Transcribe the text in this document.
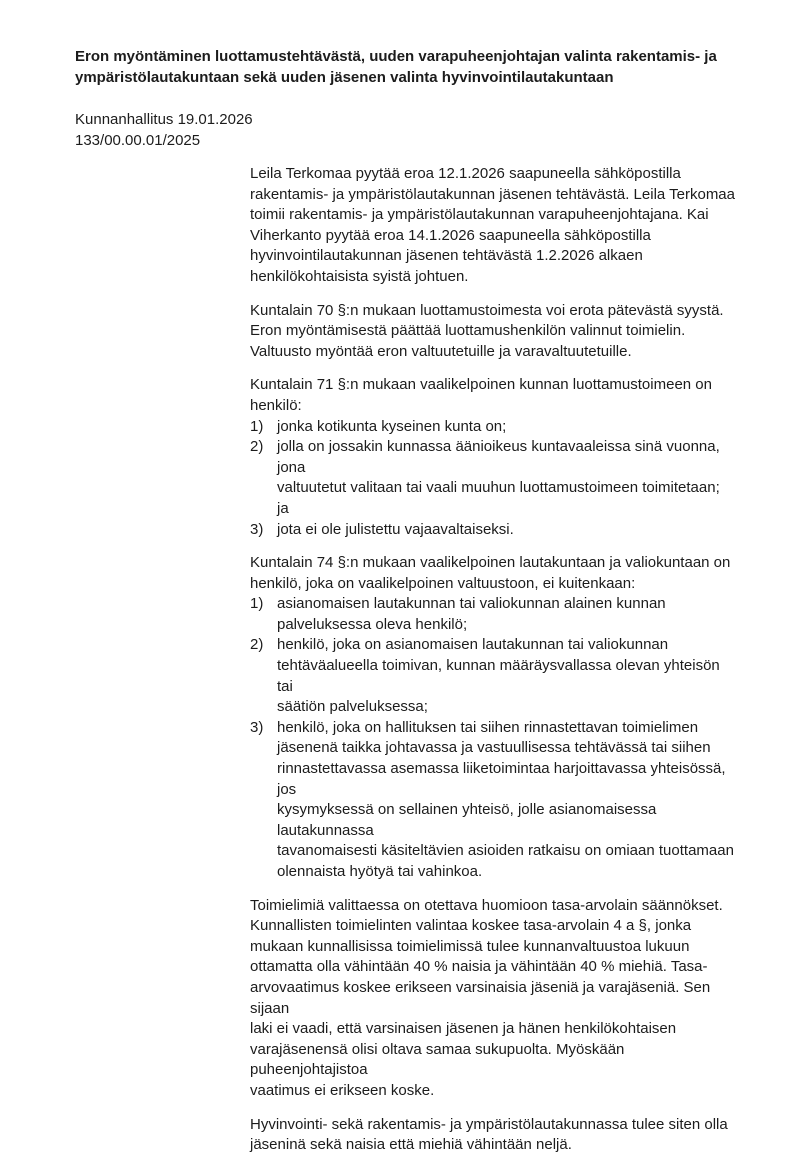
Eron myöntäminen luottamustehtävästä, uuden varapuheenjohtajan valinta rakentamis- ja
ympäristölautakuntaan sekä uuden jäsenen valinta hyvinvointilautakuntaan
Kunnanhallitus 19.01.2026
133/00.00.01/2025
Leila Terkomaa pyytää eroa 12.1.2026 saapuneella sähköpostilla
rakentamis- ja ympäristölautakunnan jäsenen tehtävästä. Leila Terkomaa
toimii rakentamis- ja ympäristölautakunnan varapuheenjohtajana. Kai
Viherkanto pyytää eroa 14.1.2026 saapuneella sähköpostilla
hyvinvointilautakunnan jäsenen tehtävästä 1.2.2026 alkaen
henkilökohtaisista syistä johtuen.
Kuntalain 70 §:n mukaan luottamustoimesta voi erota pätevästä syystä.
Eron myöntämisestä päättää luottamushenkilön valinnut toimielin.
Valtuusto myöntää eron valtuutetuille ja varavaltuutetuille.
Kuntalain 71 §:n mukaan vaalikelpoinen kunnan luottamustoimeen on
henkilö:
1) jonka kotikunta kyseinen kunta on;
2) jolla on jossakin kunnassa äänioikeus kuntavaaleissa sinä vuonna, jona
valtuutetut valitaan tai vaali muuhun luottamustoimeen toimitetaan;
ja
3) jota ei ole julistettu vajaavaltaiseksi.
Kuntalain 74 §:n mukaan vaalikelpoinen lautakuntaan ja valiokuntaan on
henkilö, joka on vaalikelpoinen valtuustoon, ei kuitenkaan:
1) asianomaisen lautakunnan tai valiokunnan alainen kunnan
palveluksessa oleva henkilö;
2) henkilö, joka on asianomaisen lautakunnan tai valiokunnan
tehtäväalueella toimivan, kunnan määräysvallassa olevan yhteisön tai
säätiön palveluksessa;
3) henkilö, joka on hallituksen tai siihen rinnastettavan toimielimen
jäsenenä taikka johtavassa ja vastuullisessa tehtävässä tai siihen
rinnastettavassa asemassa liiketoimintaa harjoittavassa yhteisössä, jos
kysymyksessä on sellainen yhteisö, jolle asianomaisessa lautakunnassa
tavanomaisesti käsiteltävien asioiden ratkaisu on omiaan tuottamaan
olennaista hyötyä tai vahinkoa.
Toimielimiä valittaessa on otettava huomioon tasa-arvolain säännökset.
Kunnallisten toimielinten valintaa koskee tasa-arvolain 4 a §, jonka
mukaan kunnallisissa toimielimissä tulee kunnanvaltuustoa lukuun
ottamatta olla vähintään 40 % naisia ja vähintään 40 % miehiä. Tasa-
arvovaatimus koskee erikseen varsinaisia jäseniä ja varajäseniä. Sen sijaan
laki ei vaadi, että varsinaisen jäsenen ja hänen henkilökohtaisen
varajäsenensä olisi oltava samaa sukupuolta. Myöskään puheenjohtajistoa
vaatimus ei erikseen koske.
Hyvinvointi- sekä rakentamis- ja ympäristölautakunnassa tulee siten olla
jäseninä sekä naisia että miehiä vähintään neljä.
